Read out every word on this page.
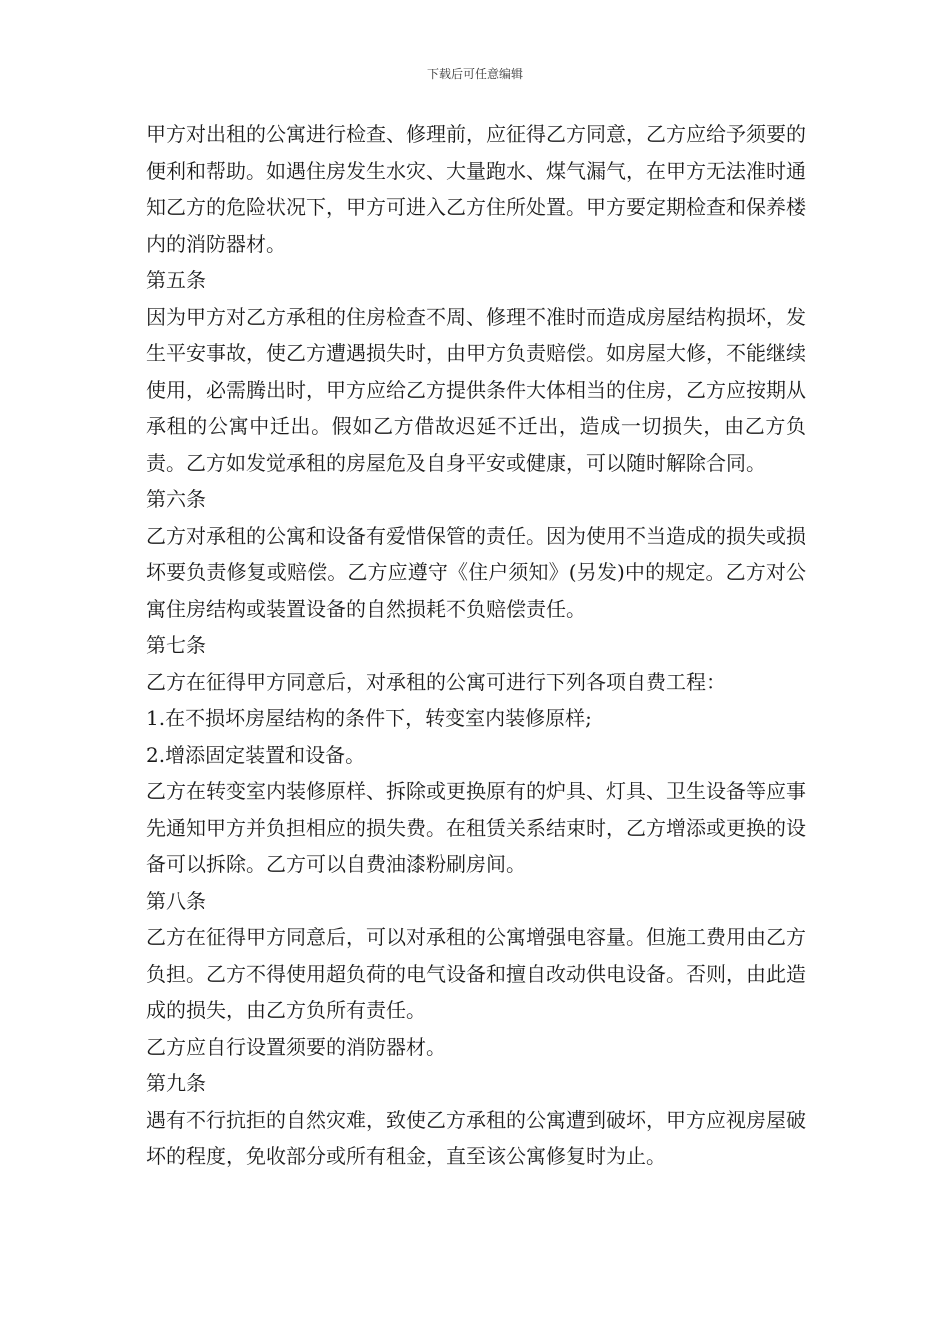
下载后可任意编辑

甲方对出租的公寓进行检查、修理前，应征得乙方同意，乙方应给予须要的便利和帮助。如遇住房发生水灾、大量跑水、煤气漏气，在甲方无法准时通知乙方的危险状况下，甲方可进入乙方住所处置。甲方要定期检查和保养楼内的消防器材。

第五条

因为甲方对乙方承租的住房检查不周、修理不准时而造成房屋结构损坏，发生平安事故，使乙方遭遇损失时，由甲方负责赔偿。如房屋大修，不能继续使用，必需腾出时，甲方应给乙方提供条件大体相当的住房，乙方应按期从承租的公寓中迁出。假如乙方借故迟延不迁出，造成一切损失，由乙方负责。乙方如发觉承租的房屋危及自身平安或健康，可以随时解除合同。

第六条

乙方对承租的公寓和设备有爱惜保管的责任。因为使用不当造成的损失或损坏要负责修复或赔偿。乙方应遵守《住户须知》(另发)中的规定。乙方对公寓住房结构或装置设备的自然损耗不负赔偿责任。

第七条

乙方在征得甲方同意后，对承租的公寓可进行下列各项自费工程：

1.在不损坏房屋结构的条件下，转变室内装修原样;

2.增添固定装置和设备。

乙方在转变室内装修原样、拆除或更换原有的炉具、灯具、卫生设备等应事先通知甲方并负担相应的损失费。在租赁关系结束时，乙方增添或更换的设备可以拆除。乙方可以自费油漆粉刷房间。

第八条

乙方在征得甲方同意后，可以对承租的公寓增强电容量。但施工费用由乙方负担。乙方不得使用超负荷的电气设备和擅自改动供电设备。否则，由此造成的损失，由乙方负所有责任。

乙方应自行设置须要的消防器材。

第九条

遇有不行抗拒的自然灾难，致使乙方承租的公寓遭到破坏，甲方应视房屋破坏的程度，免收部分或所有租金，直至该公寓修复时为止。
